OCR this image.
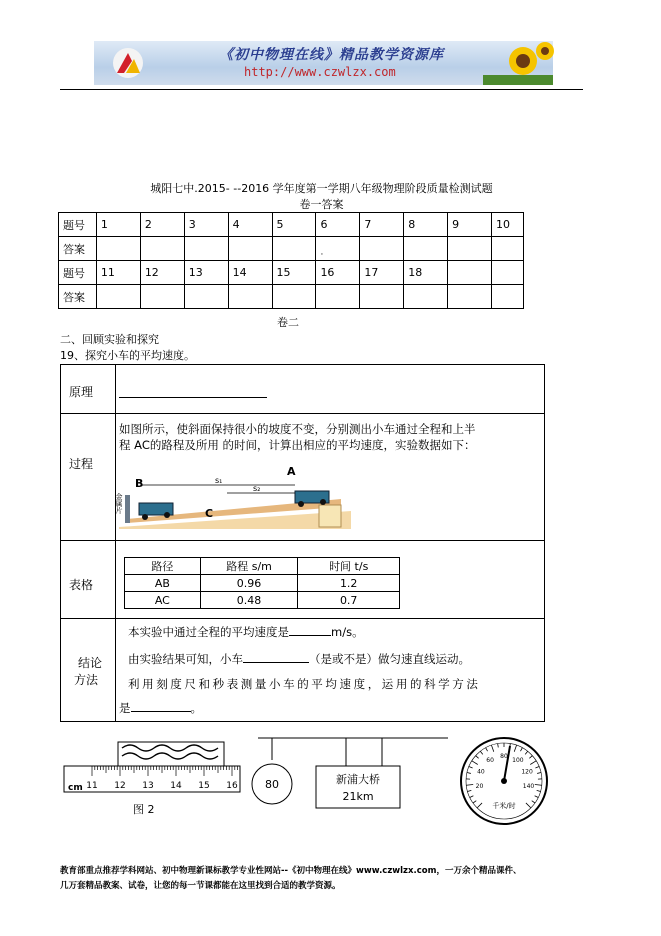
《初中物理在线》精品教学资源库
http://www.czwlzx.com
城阳七中.2015- --2016 学年度第一学期八年级物理阶段质量检测试题
卷一答案
题号	1	2	3	4	5	6	7	8	9	10
答案						·				
题号	11	12	13	14	15	16	17	18		
答案										
卷二
二、回顾实验和探究
19、探究小车的平均速度。
原理
过程
如图所示，使斜面保持很小的坡度不变，分别测出小车通过全程和上半
程 AC的路程及所用 的时间，计算出相应的平均速度，实验数据如下：
B
A
C
s₁
s₂
金属片
表格
路径	路程 s/m	时间 t/s
AB	0.96	1.2
AC	0.48	0.7
结论
方法
本实验中通过全程的平均速度是	m/s。
由实验结果可知，小车	（是或不是）做匀速直线运动。
利用刻度尺和秒表测量小车的平均速度，运用的科学方法
是	。
11 12 13 14 15 16
cm
图 2
80	新浦大桥
21km
20
40
60
80
100
120
140
千米/时
教育部重点推荐学科网站、初中物理新课标教学专业性网站--《初中物理在线》www.czwlzx.com，一万余个精品课件、
几万套精品教案、试卷，让您的每一节课都能在这里找到合适的教学资源。
